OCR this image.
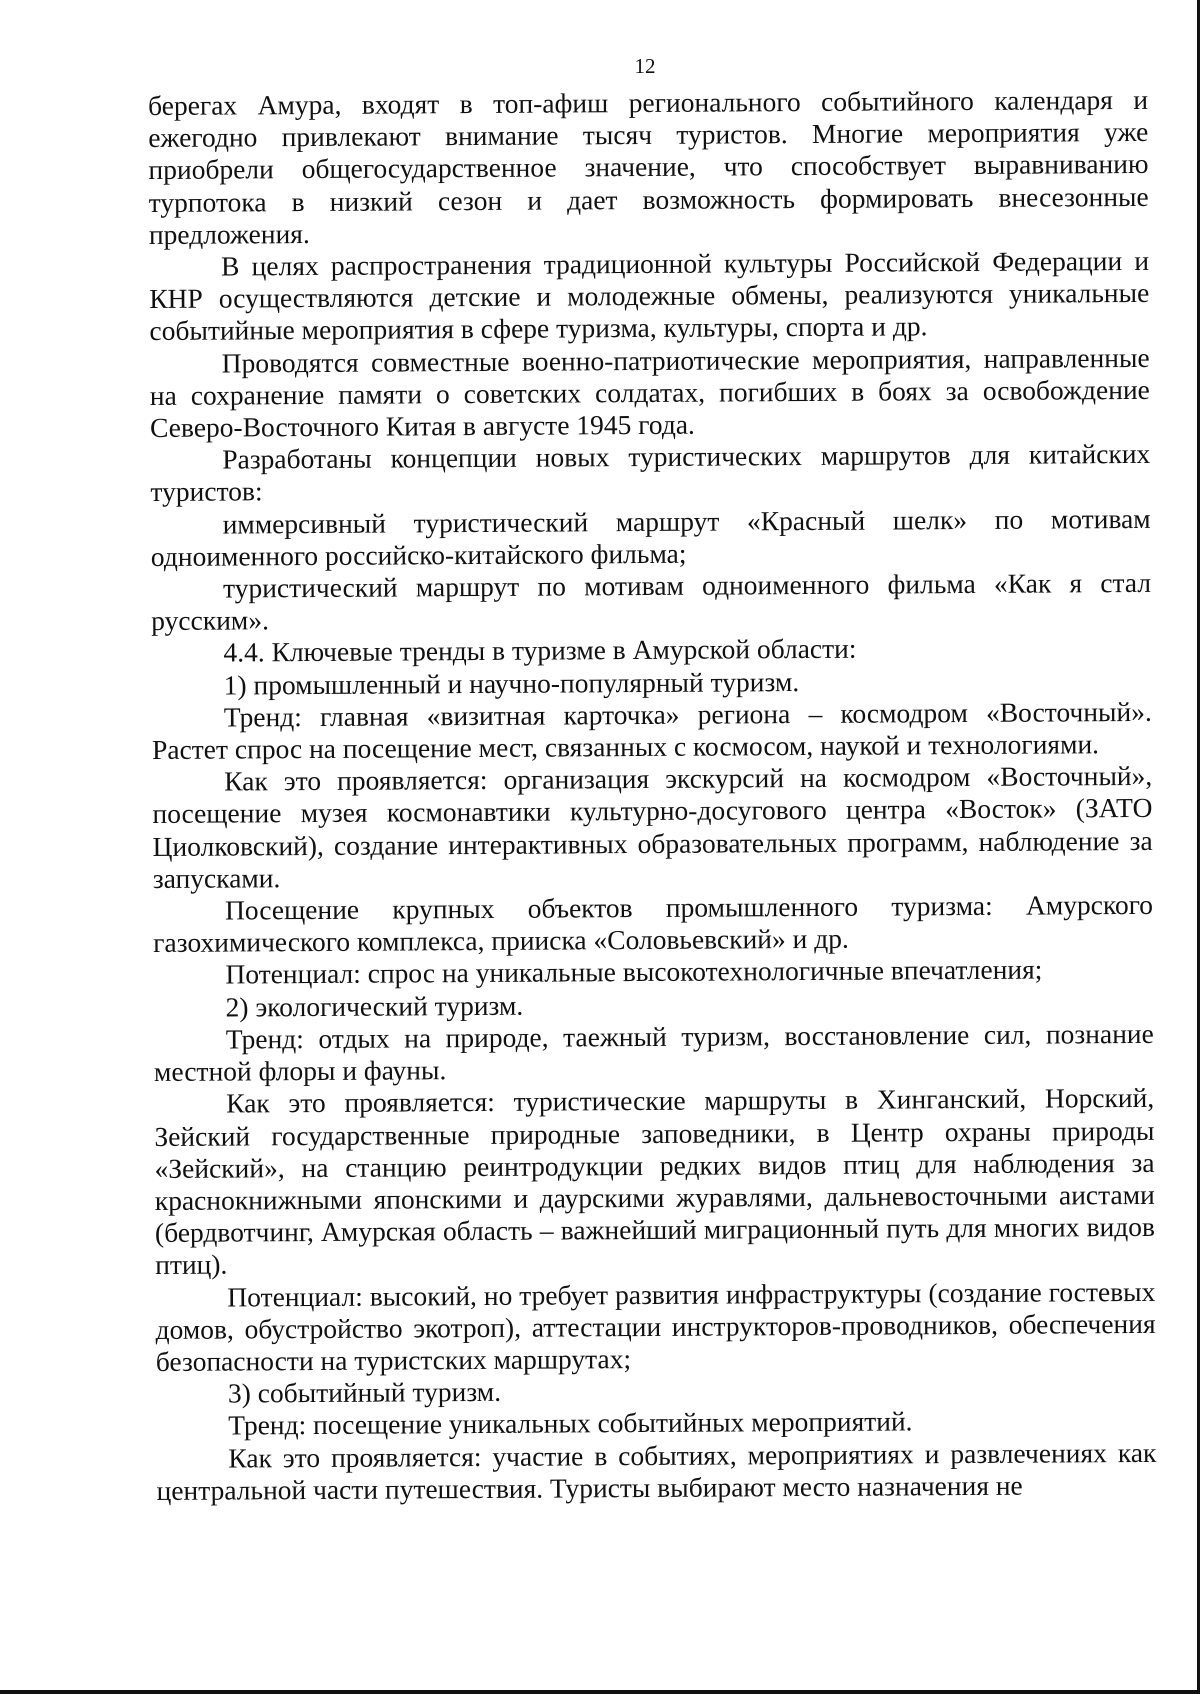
12

берегах Амура, входят в топ-афиш регионального событийного календаря и ежегодно привлекают внимание тысяч туристов. Многие мероприятия уже приобрели общегосударственное значение, что способствует выравниванию турпотока в низкий сезон и дает возможность формировать внесезонные предложения.

В целях распространения традиционной культуры Российской Федерации и КНР осуществляются детские и молодежные обмены, реализуются уникальные событийные мероприятия в сфере туризма, культуры, спорта и др.

Проводятся совместные военно-патриотические мероприятия, направленные на сохранение памяти о советских солдатах, погибших в боях за освобождение Северо-Восточного Китая в августе 1945 года.

Разработаны концепции новых туристических маршрутов для китайских туристов:

иммерсивный туристический маршрут «Красный шелк» по мотивам одноименного российско-китайского фильма;

туристический маршрут по мотивам одноименного фильма «Как я стал русским».

4.4. Ключевые тренды в туризме в Амурской области:

1) промышленный и научно-популярный туризм.

Тренд: главная «визитная карточка» региона – космодром «Восточный». Растет спрос на посещение мест, связанных с космосом, наукой и технологиями.

Как это проявляется: организация экскурсий на космодром «Восточный», посещение музея космонавтики культурно-досугового центра «Восток» (ЗАТО Циолковский), создание интерактивных образовательных программ, наблюдение за запусками.

Посещение крупных объектов промышленного туризма: Амурского газохимического комплекса, прииска «Соловьевский» и др.

Потенциал: спрос на уникальные высокотехнологичные впечатления;

2) экологический туризм.

Тренд: отдых на природе, таежный туризм, восстановление сил, познание местной флоры и фауны.

Как это проявляется: туристические маршруты в Хинганский, Норский, Зейский государственные природные заповедники, в Центр охраны природы «Зейский», на станцию реинтродукции редких видов птиц для наблюдения за краснокнижными японскими и даурскими журавлями, дальневосточными аистами (бердвотчинг, Амурская область – важнейший миграционный путь для многих видов птиц).

Потенциал: высокий, но требует развития инфраструктуры (создание гостевых домов, обустройство экотроп), аттестации инструкторов-проводников, обеспечения безопасности на туристских маршрутах;

3) событийный туризм.

Тренд: посещение уникальных событийных мероприятий.

Как это проявляется: участие в событиях, мероприятиях и развлечениях как центральной части путешествия. Туристы выбирают место назначения не
